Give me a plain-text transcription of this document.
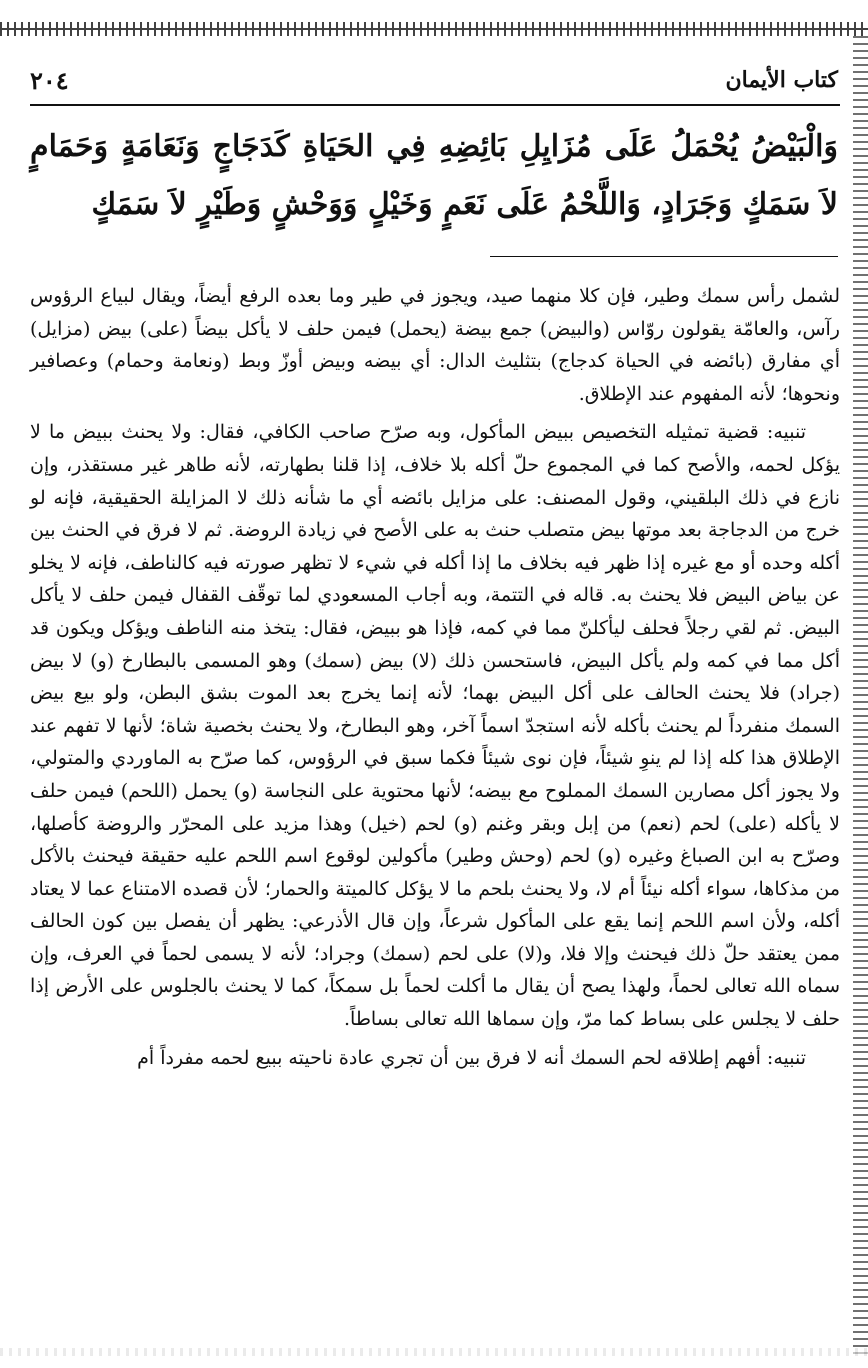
٢٠٤	كتاب الأيمان
وَالْبَيْضُ يُحْمَلُ عَلَى مُزَايِلِ بَائِضِهِ فِي الحَيَاةِ كَدَجَاجٍ وَنَعَامَةٍ وَحَمَامٍ لاَ سَمَكٍ وَجَرَادٍ، وَاللَّحْمُ عَلَى نَعَمٍ وَخَيْلٍ وَوَحْشٍ وَطَيْرٍ لاَ سَمَكٍ

لشمل رأس سمك وطير، فإن كلا منهما صيد، ويجوز في طير وما بعده الرفع أيضاً، ويقال لبياع الرؤوس رآس، والعامّة يقولون روّاس (والبيض) جمع بيضة (يحمل) فيمن حلف لا يأكل بيضاً (على) بيض (مزايل) أي مفارق (بائضه في الحياة كدجاج) بتثليث الدال: أي بيضه وبيض أوزّ وبط (ونعامة وحمام) وعصافير ونحوها؛ لأنه المفهوم عند الإطلاق.

تنبيه: قضية تمثيله التخصيص ببيض المأكول، وبه صرّح صاحب الكافي، فقال: ولا يحنث ببيض ما لا يؤكل لحمه، والأصح كما في المجموع حلّ أكله بلا خلاف، إذا قلنا بطهارته، لأنه طاهر غير مستقذر، وإن نازع في ذلك البلقيني، وقول المصنف: على مزايل بائضه أي ما شأنه ذلك لا المزايلة الحقيقية، فإنه لو خرج من الدجاجة بعد موتها بيض متصلب حنث به على الأصح في زيادة الروضة. ثم لا فرق في الحنث بين أكله وحده أو مع غيره إذا ظهر فيه بخلاف ما إذا أكله في شيء لا تظهر صورته فيه كالناطف، فإنه لا يخلو عن بياض البيض فلا يحنث به. قاله في التتمة، وبه أجاب المسعودي لما توقّف القفال فيمن حلف لا يأكل البيض. ثم لقي رجلاً فحلف ليأكلنّ مما في كمه، فإذا هو ببيض، فقال: يتخذ منه الناطف ويؤكل ويكون قد أكل مما في كمه ولم يأكل البيض، فاستحسن ذلك (لا) بيض (سمك) وهو المسمى بالبطارخ (و) لا بيض (جراد) فلا يحنث الحالف على أكل البيض بهما؛ لأنه إنما يخرج بعد الموت بشق البطن، ولو بيع بيض السمك منفرداً لم يحنث بأكله لأنه استجدّ اسماً آخر، وهو البطارخ، ولا يحنث بخصية شاة؛ لأنها لا تفهم عند الإطلاق هذا كله إذا لم ينوِ شيئاً، فإن نوى شيئاً فكما سبق في الرؤوس، كما صرّح به الماوردي والمتولي، ولا يجوز أكل مصارين السمك المملوح مع بيضه؛ لأنها محتوية على النجاسة (و) يحمل (اللحم) فيمن حلف لا يأكله (على) لحم (نعم) من إبل وبقر وغنم (و) لحم (خيل) وهذا مزيد على المحرّر والروضة كأصلها، وصرّح به ابن الصباغ وغيره (و) لحم (وحش وطير) مأكولين لوقوع اسم اللحم عليه حقيقة فيحنث بالأكل من مذكاها، سواء أكله نيئاً أم لا، ولا يحنث بلحم ما لا يؤكل كالميتة والحمار؛ لأن قصده الامتناع عما لا يعتاد أكله، ولأن اسم اللحم إنما يقع على المأكول شرعاً، وإن قال الأذرعي: يظهر أن يفصل بين كون الحالف ممن يعتقد حلّ ذلك فيحنث وإلا فلا، و(لا) على لحم (سمك) وجراد؛ لأنه لا يسمى لحماً في العرف، وإن سماه الله تعالى لحماً، ولهذا يصح أن يقال ما أكلت لحماً بل سمكاً، كما لا يحنث بالجلوس على الأرض إذا حلف لا يجلس على بساط كما مرّ، وإن سماها الله تعالى بساطاً.

تنبيه: أفهم إطلاقه لحم السمك أنه لا فرق بين أن تجري عادة ناحيته ببيع لحمه مفرداً أم
